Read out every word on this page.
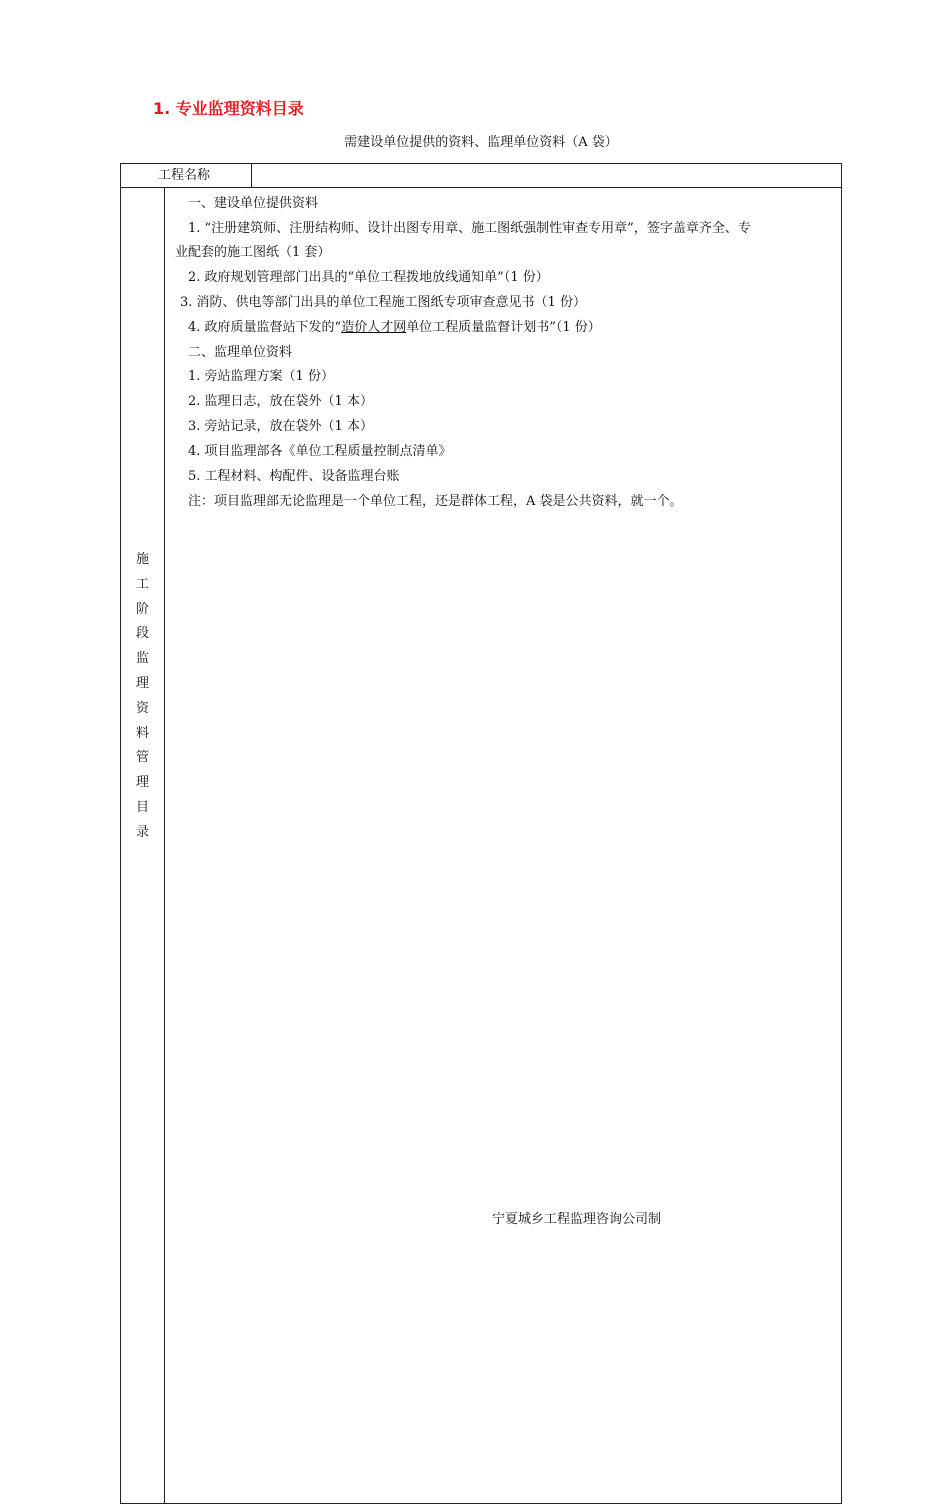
1. 专业监理资料目录
需建设单位提供的资料、监理单位资料（A 袋）
工程名称
施
工
阶
段
监
理
资
料
管
理
目
录
一、建设单位提供资料
1. “注册建筑师、注册结构师、设计出图专用章、施工图纸强制性审查专用章”，签字盖章齐全、专
业配套的施工图纸（1 套）
2. 政府规划管理部门出具的“单位工程拨地放线通知单”（1 份）
3. 消防、供电等部门出具的单位工程施工图纸专项审查意见书（1 份）
4. 政府质量监督站下发的“造价人才网单位工程质量监督计划书”（1 份）
二、监理单位资料
1. 旁站监理方案（1 份）
2. 监理日志，放在袋外（1 本）
3. 旁站记录，放在袋外（1 本）
4. 项目监理部各《单位工程质量控制点清单》
5. 工程材料、构配件、设备监理台账
注：项目监理部无论监理是一个单位工程，还是群体工程，A 袋是公共资料，就一个。
宁夏城乡工程监理咨询公司制
